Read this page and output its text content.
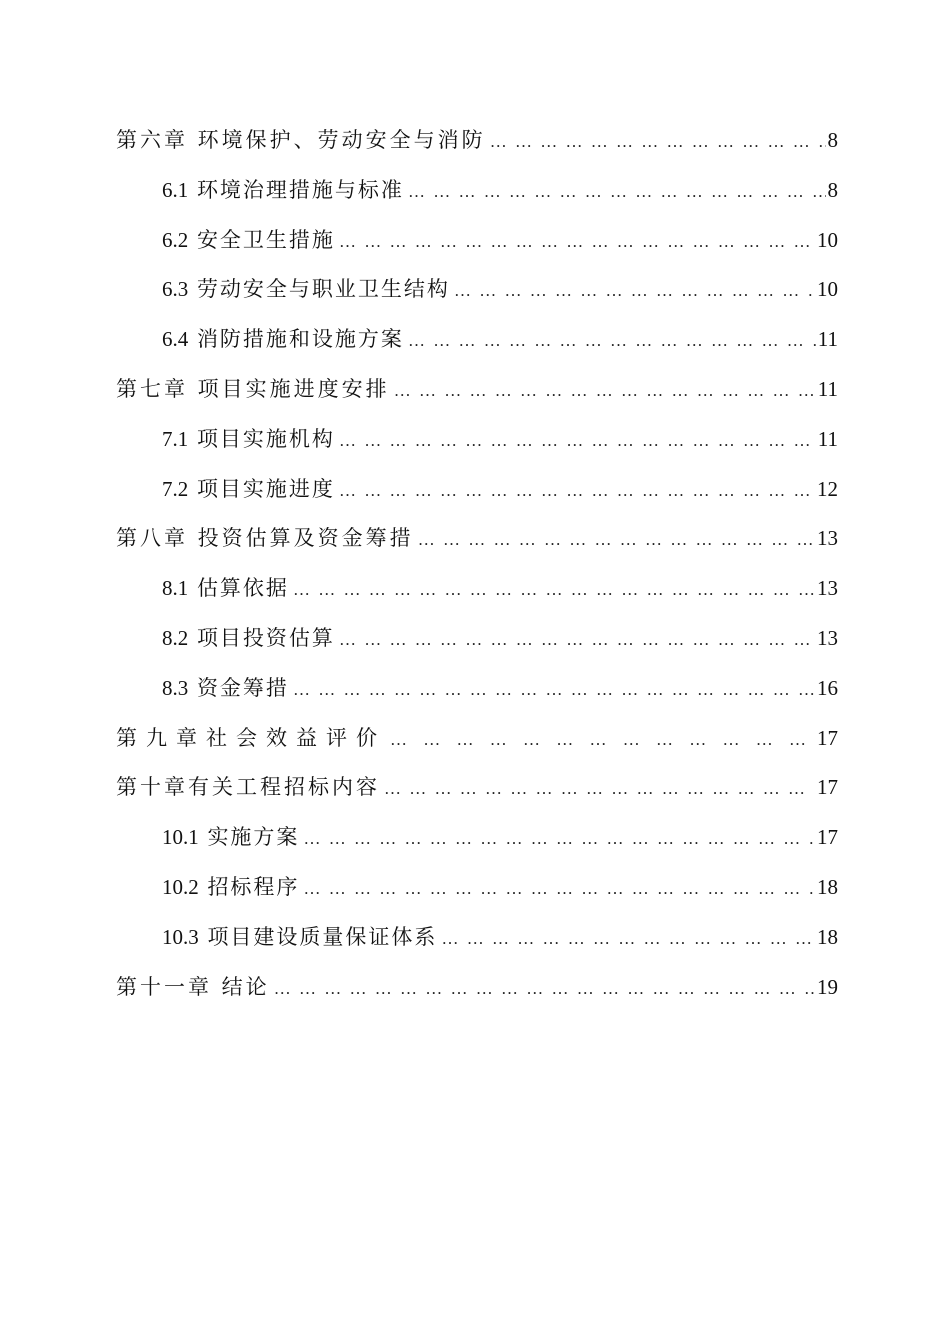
第六章 环境保护、劳动安全与消防 … … … … … … … … … … … … … … … … … … … … … … … … … … … … … … … … … … … … … … … …	8
6.1 环境治理措施与标准 … … … … … … … … … … … … … … … … … … … … … … … … … … … … … … … … … … … … … … … …	8
6.2 安全卫生措施 … … … … … … … … … … … … … … … … … … … … … … … … … … … … … … … … … … … … … … … …	10
6.3 劳动安全与职业卫生结构 … … … … … … … … … … … … … … … … … … … … … … … … … … … … … … … … … … … … … … … …	10
6.4 消防措施和设施方案 … … … … … … … … … … … … … … … … … … … … … … … … … … … … … … … … … … … … … … … …	11
第七章 项目实施进度安排 … … … … … … … … … … … … … … … … … … … … … … … … … … … … … … … … … … … … … … … …	11
7.1 项目实施机构 … … … … … … … … … … … … … … … … … … … … … … … … … … … … … … … … … … … … … … … …	11
7.2 项目实施进度 … … … … … … … … … … … … … … … … … … … … … … … … … … … … … … … … … … … … … … … …	12
第八章 投资估算及资金筹措 … … … … … … … … … … … … … … … … … … … … … … … … … … … … … … … … … … … … … … … …	13
8.1 估算依据 … … … … … … … … … … … … … … … … … … … … … … … … … … … … … … … … … … … … … … … …	13
8.2 项目投资估算 … … … … … … … … … … … … … … … … … … … … … … … … … … … … … … … … … … … … … … … …	13
8.3 资金筹措 … … … … … … … … … … … … … … … … … … … … … … … … … … … … … … … … … … … … … … … …	16
第九章社会效益评价 … … … … … … … … … … … … … … … … … … … … … … … … … … … … … … … … … … … … … … … …	17
第十章有关工程招标内容 … … … … … … … … … … … … … … … … … … … … … … … … … … … … … … … … … … … … … … … …	17
10.1 实施方案 … … … … … … … … … … … … … … … … … … … … … … … … … … … … … … … … … … … … … … … …	17
10.2 招标程序 … … … … … … … … … … … … … … … … … … … … … … … … … … … … … … … … … … … … … … … …	18
10.3 项目建设质量保证体系 … … … … … … … … … … … … … … … … … … … … … … … … … … … … … … … … … … … … … … … …	18
第十一章 结论 … … … … … … … … … … … … … … … … … … … … … … … … … … … … … … … … … … … … … … … …	19
